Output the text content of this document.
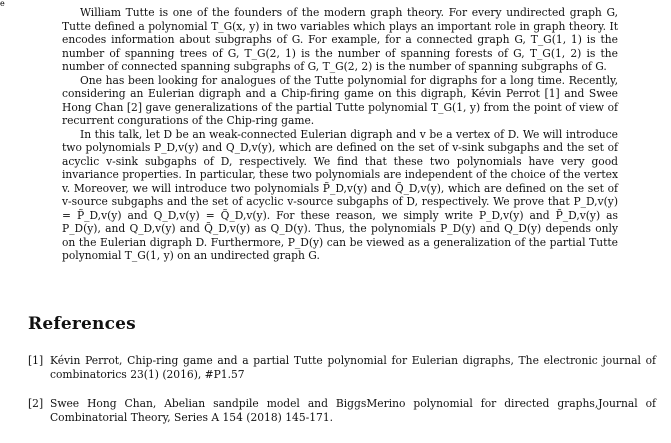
e

William Tutte is one of the founders of the modern graph theory. For every undirected graph G, Tutte defined a polynomial T_G(x, y) in two variables which plays an important role in graph theory. It encodes information about subgraphs of G. For example, for a connected graph G, T_G(1, 1) is the number of spanning trees of G, T_G(2, 1) is the number of spanning forests of G, T_G(1, 2) is the number of connected spanning subgraphs of G, T_G(2, 2) is the number of spanning subgraphs of G.

One has been looking for analogues of the Tutte polynomial for digraphs for a long time. Recently, considering an Eulerian digraph and a Chip-firing game on this digraph, Kévin Perrot [1] and Swee Hong Chan [2] gave generalizations of the partial Tutte polynomial T_G(1, y) from the point of view of recurrent congurations of the Chip-ring game.

In this talk, let D be an weak-connected Eulerian digraph and v be a vertex of D. We will introduce two polynomials P_D,v(y) and Q_D,v(y), which are defined on the set of v-sink subgaphs and the set of acyclic v-sink subgaphs of D, respectively. We find that these two polynomials have very good invariance properties. In particular, these two polynomials are independent of the choice of the vertex v. Moreover, we will introduce two polynomials P̃_D,v(y) and Q̃_D,v(y), which are defined on the set of v-source subgaphs and the set of acyclic v-source subgaphs of D, respectively. We prove that P_D,v(y) = P̃_D,v(y) and Q_D,v(y) = Q̃_D,v(y). For these reason, we simply write P_D,v(y) and P̃_D,v(y) as P_D(y), and Q_D,v(y) and Q̃_D,v(y) as Q_D(y). Thus, the polynomials P_D(y) and Q_D(y) depends only on the Eulerian digraph D. Furthermore, P_D(y) can be viewed as a generalization of the partial Tutte polynomial T_G(1, y) on an undirected graph G.

References
[1] Kévin Perrot, Chip-ring game and a partial Tutte polynomial for Eulerian digraphs, The electronic journal of combinatorics 23(1) (2016), #P1.57
[2] Swee Hong Chan, Abelian sandpile model and BiggsMerino polynomial for directed graphs,Journal of Combinatorial Theory, Series A 154 (2018) 145-171.
